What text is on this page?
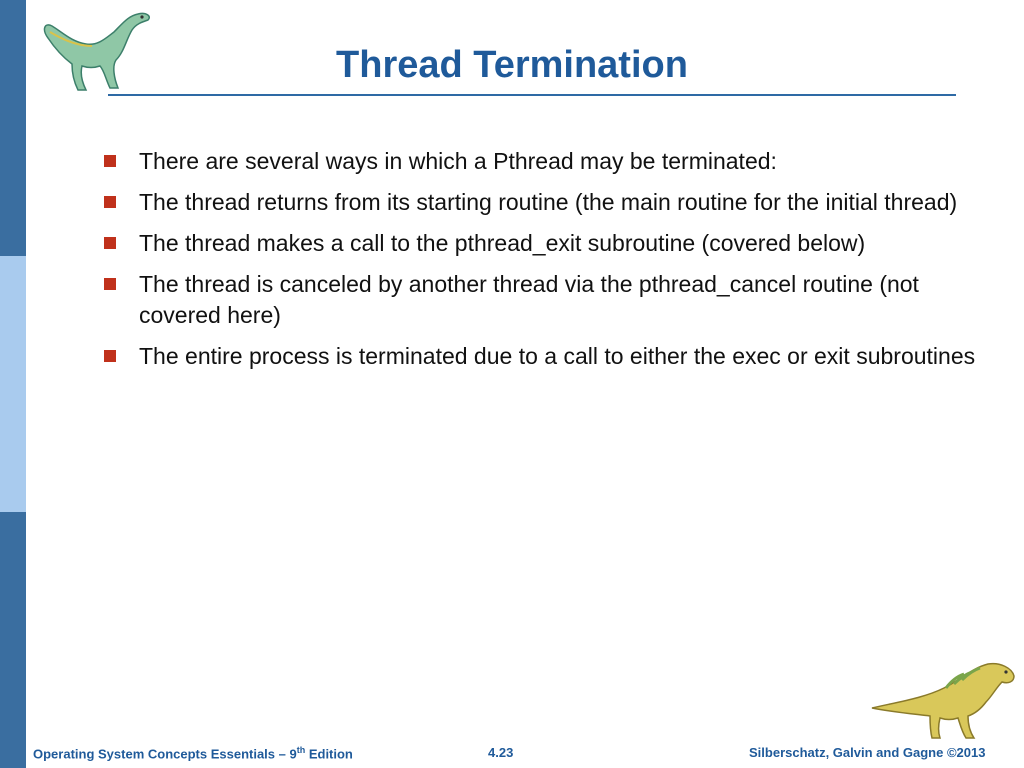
Thread Termination
There are several ways in which a Pthread may be terminated:
The thread returns from its starting routine (the main routine for the initial thread)
The thread makes a call to the pthread_exit subroutine (covered below)
The thread is canceled by another thread via the pthread_cancel routine (not covered here)
The entire process is terminated due to a call to either the exec or exit subroutines
Operating System Concepts Essentials – 9th Edition	4.23	Silberschatz, Galvin and Gagne ©2013
